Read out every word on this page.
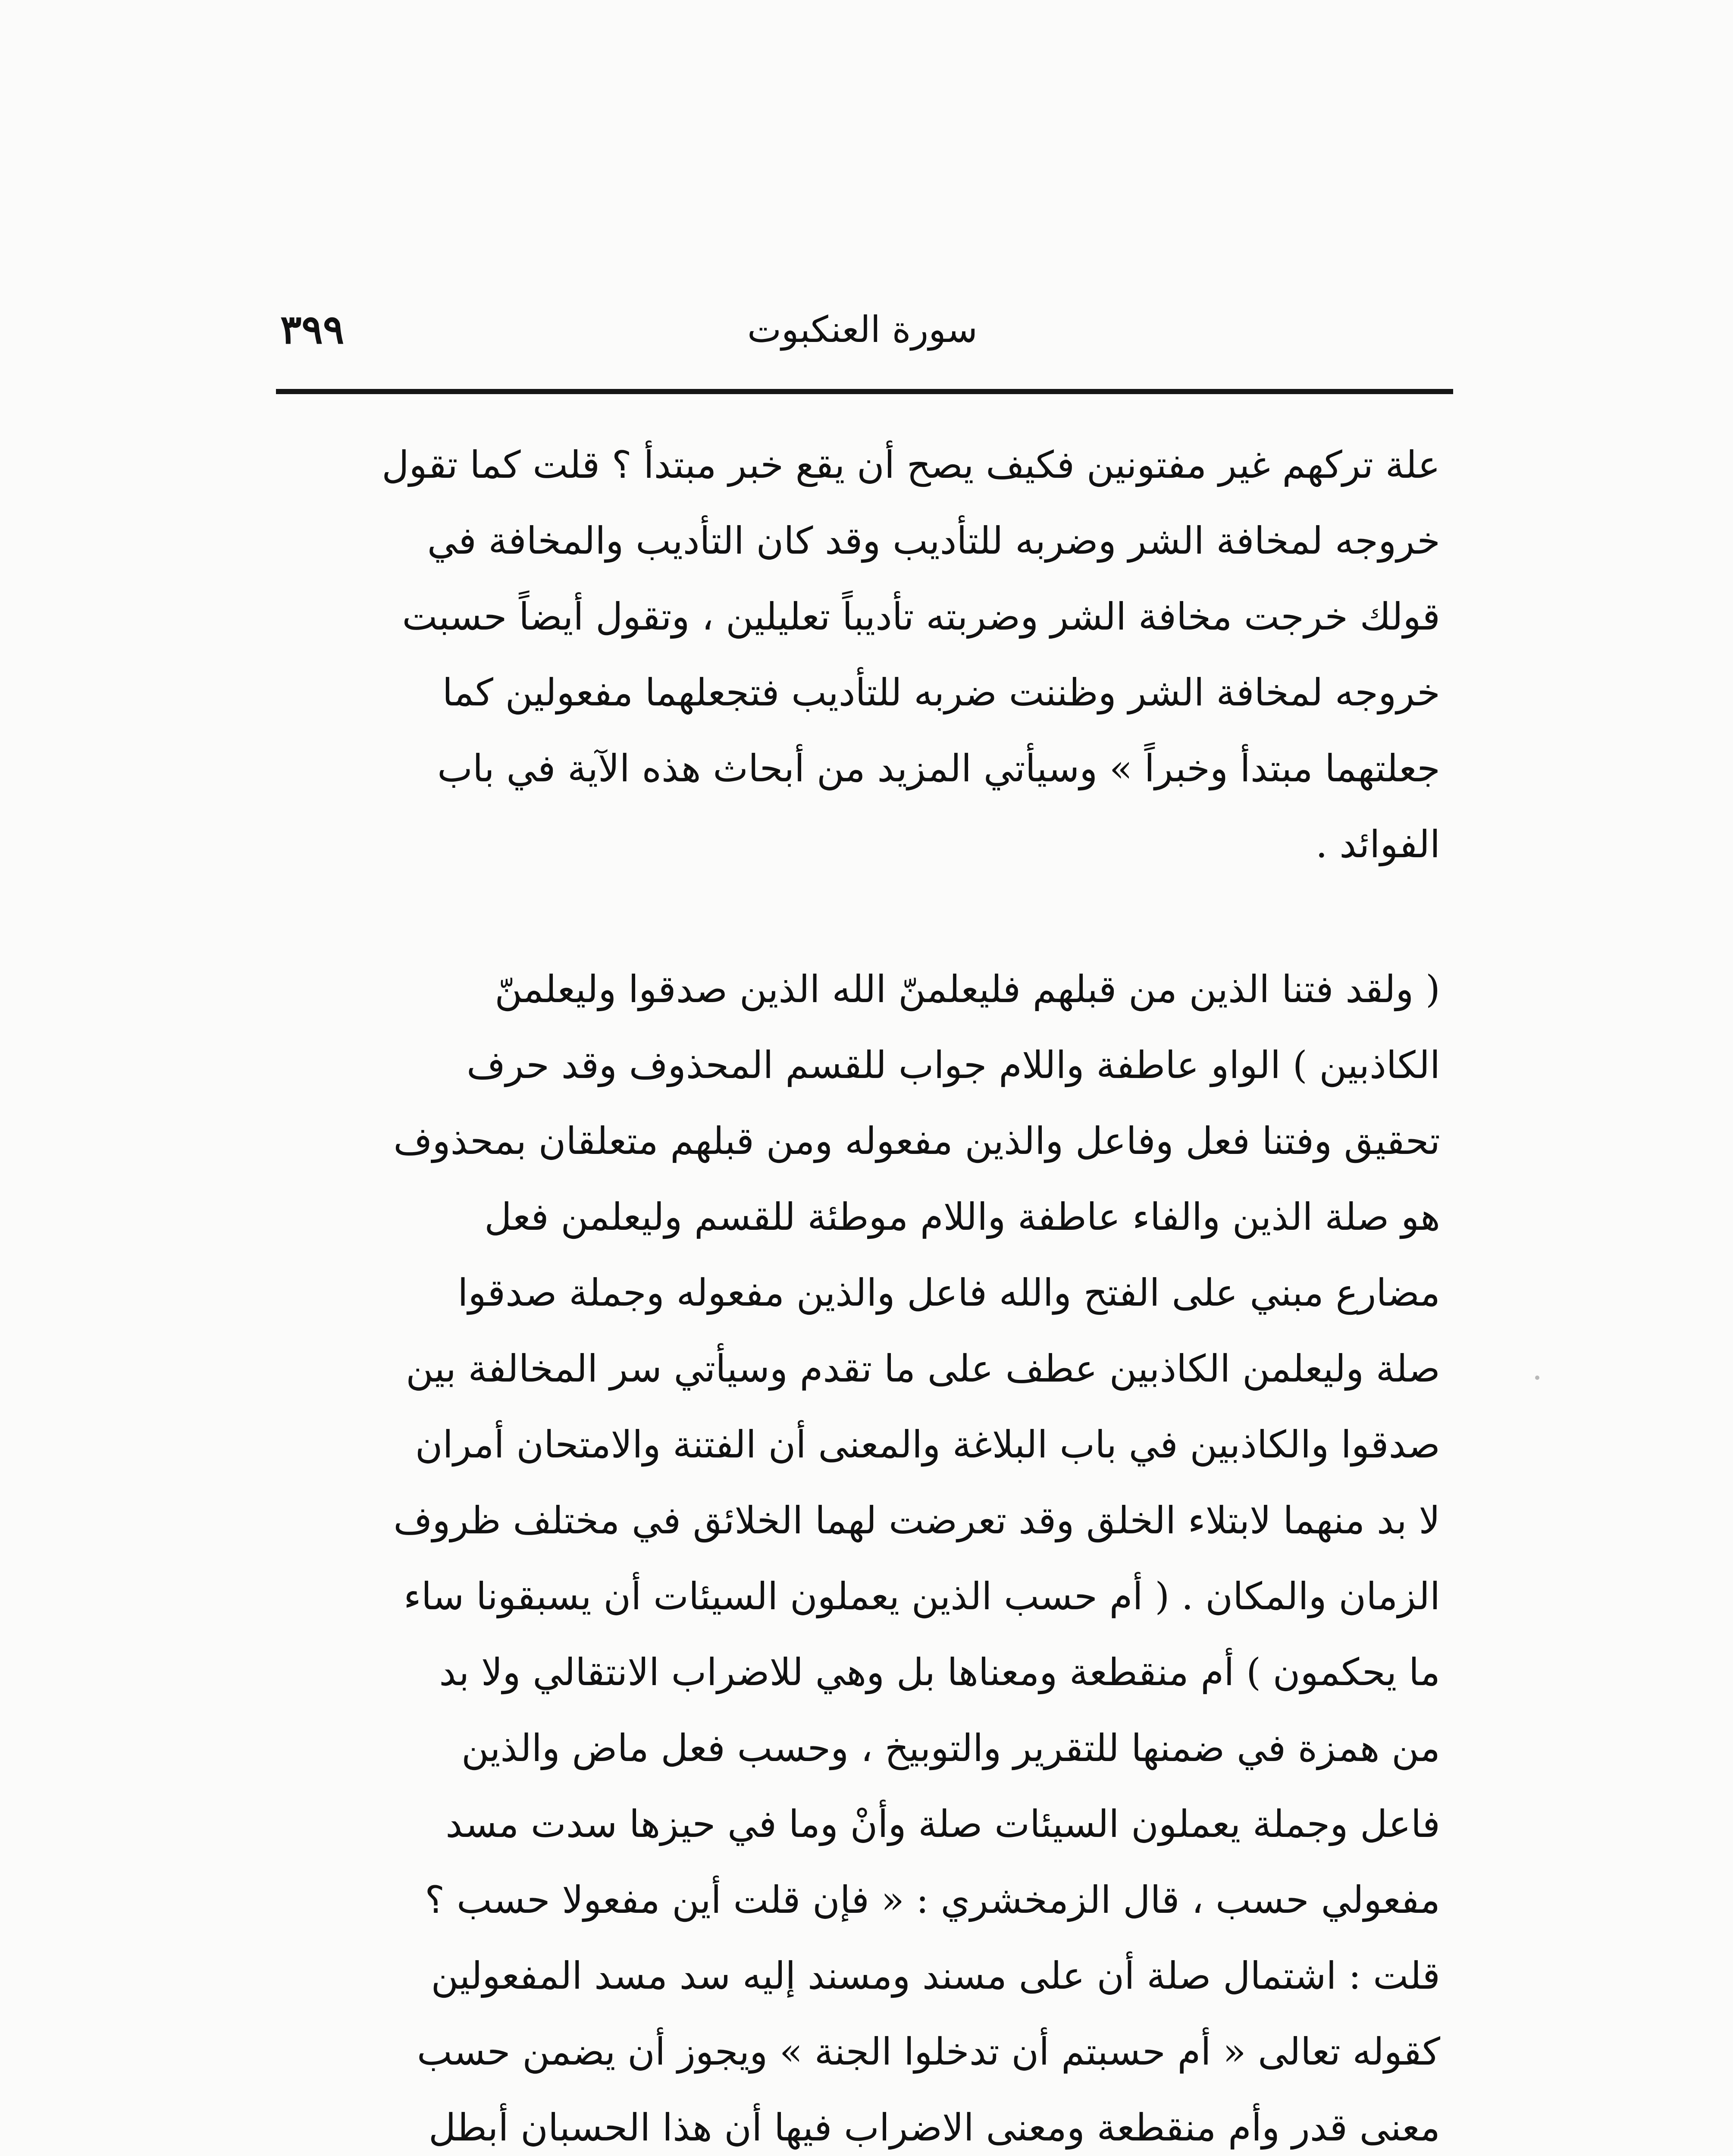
٣٩٩	سورة العنكبوت
علة تركهم غير مفتونين فكيف يصح أن يقع خبر مبتدأ ؟ قلت كما تقول
خروجه لمخافة الشر وضربه للتأديب وقد كان التأديب والمخافة في
قولك خرجت مخافة الشر وضربته تأديباً تعليلين ، وتقول أيضاً حسبت
خروجه لمخافة الشر وظننت ضربه للتأديب فتجعلهما مفعولين كما
جعلتهما مبتدأ وخبراً » وسيأتي المزيد من أبحاث هذه الآية في باب
الفوائد .
( ولقد فتنا الذين من قبلهم فليعلمنّ الله الذين صدقوا وليعلمنّ
الكاذبين ) الواو عاطفة واللام جواب للقسم المحذوف وقد حرف
تحقيق وفتنا فعل وفاعل والذين مفعوله ومن قبلهم متعلقان بمحذوف
هو صلة الذين والفاء عاطفة واللام موطئة للقسم وليعلمن فعل
مضارع مبني على الفتح والله فاعل والذين مفعوله وجملة صدقوا
صلة وليعلمن الكاذبين عطف على ما تقدم وسيأتي سر المخالفة بين
صدقوا والكاذبين في باب البلاغة والمعنى أن الفتنة والامتحان أمران
لا بد منهما لابتلاء الخلق وقد تعرضت لهما الخلائق في مختلف ظروف
الزمان والمكان . ( أم حسب الذين يعملون السيئات أن يسبقونا ساء
ما يحكمون ) أم منقطعة ومعناها بل وهي للاضراب الانتقالي ولا بد
من همزة في ضمنها للتقرير والتوبيخ ، وحسب فعل ماض والذين
فاعل وجملة يعملون السيئات صلة وأنْ وما في حيزها سدت مسد
مفعولي حسب ، قال الزمخشري : « فإن قلت أين مفعولا حسب ؟
قلت : اشتمال صلة أن على مسند ومسند إليه سد مسد المفعولين
كقوله تعالى « أم حسبتم أن تدخلوا الجنة » ويجوز أن يضمن حسب
معنى قدر وأم منقطعة ومعنى الاضراب فيها أن هذا الحسبان أبطل
